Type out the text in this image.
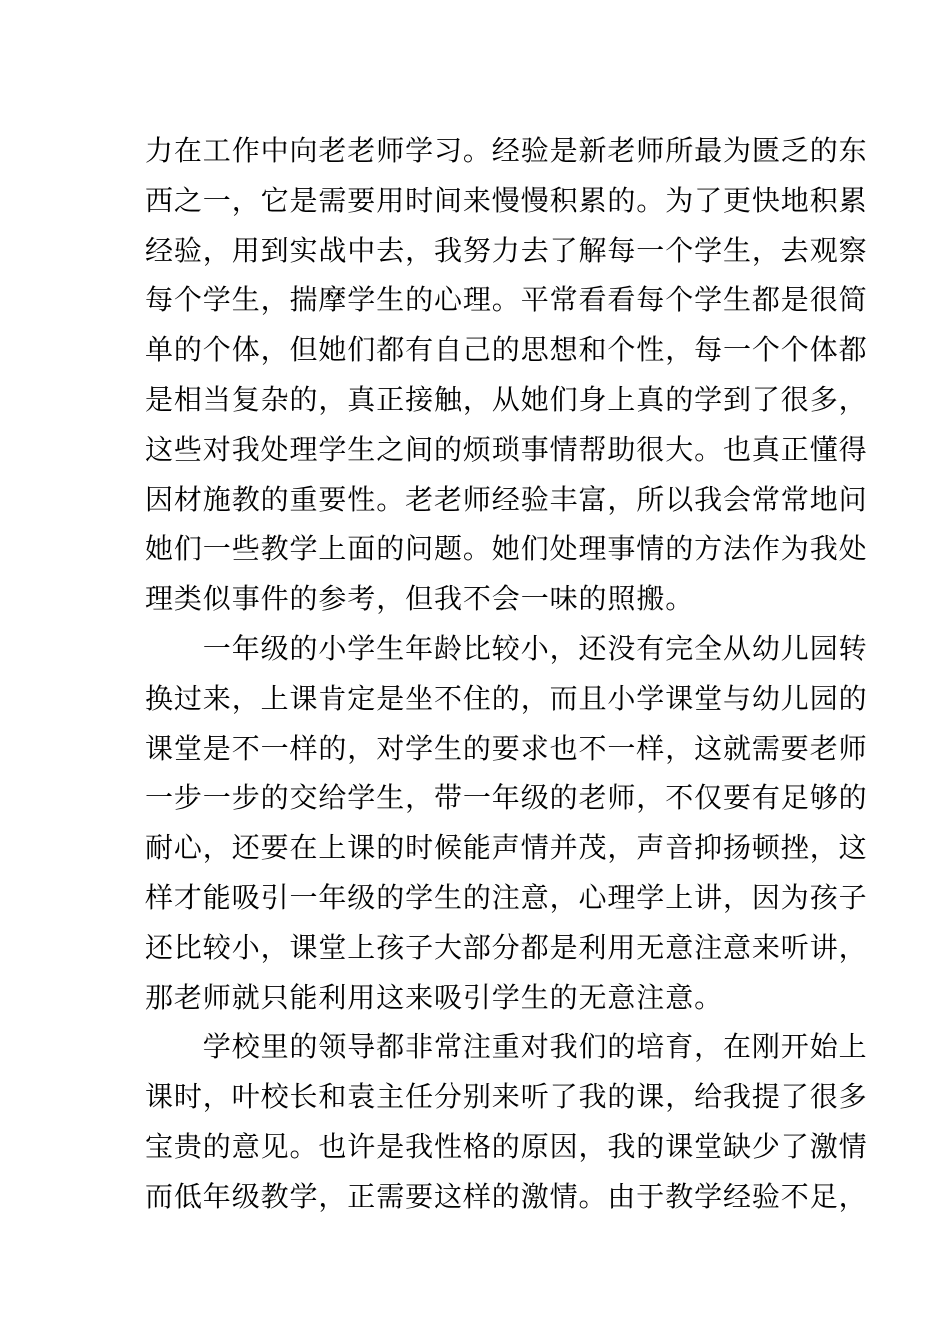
力在工作中向老老师学习。经验是新老师所最为匮乏的东
西之一，它是需要用时间来慢慢积累的。为了更快地积累
经验，用到实战中去，我努力去了解每一个学生，去观察
每个学生，揣摩学生的心理。平常看看每个学生都是很简
单的个体，但她们都有自己的思想和个性，每一个个体都
是相当复杂的，真正接触，从她们身上真的学到了很多，
这些对我处理学生之间的烦琐事情帮助很大。也真正懂得
因材施教的重要性。老老师经验丰富，所以我会常常地问
她们一些教学上面的问题。她们处理事情的方法作为我处
理类似事件的参考，但我不会一味的照搬。
　　一年级的小学生年龄比较小，还没有完全从幼儿园转
换过来，上课肯定是坐不住的，而且小学课堂与幼儿园的
课堂是不一样的，对学生的要求也不一样，这就需要老师
一步一步的交给学生，带一年级的老师，不仅要有足够的
耐心，还要在上课的时候能声情并茂，声音抑扬顿挫，这
样才能吸引一年级的学生的注意，心理学上讲，因为孩子
还比较小，课堂上孩子大部分都是利用无意注意来听讲，
那老师就只能利用这来吸引学生的无意注意。
　　学校里的领导都非常注重对我们的培育，在刚开始上
课时，叶校长和袁主任分别来听了我的课，给我提了很多
宝贵的意见。也许是我性格的原因，我的课堂缺少了激情
而低年级教学，正需要这样的激情。由于教学经验不足，
